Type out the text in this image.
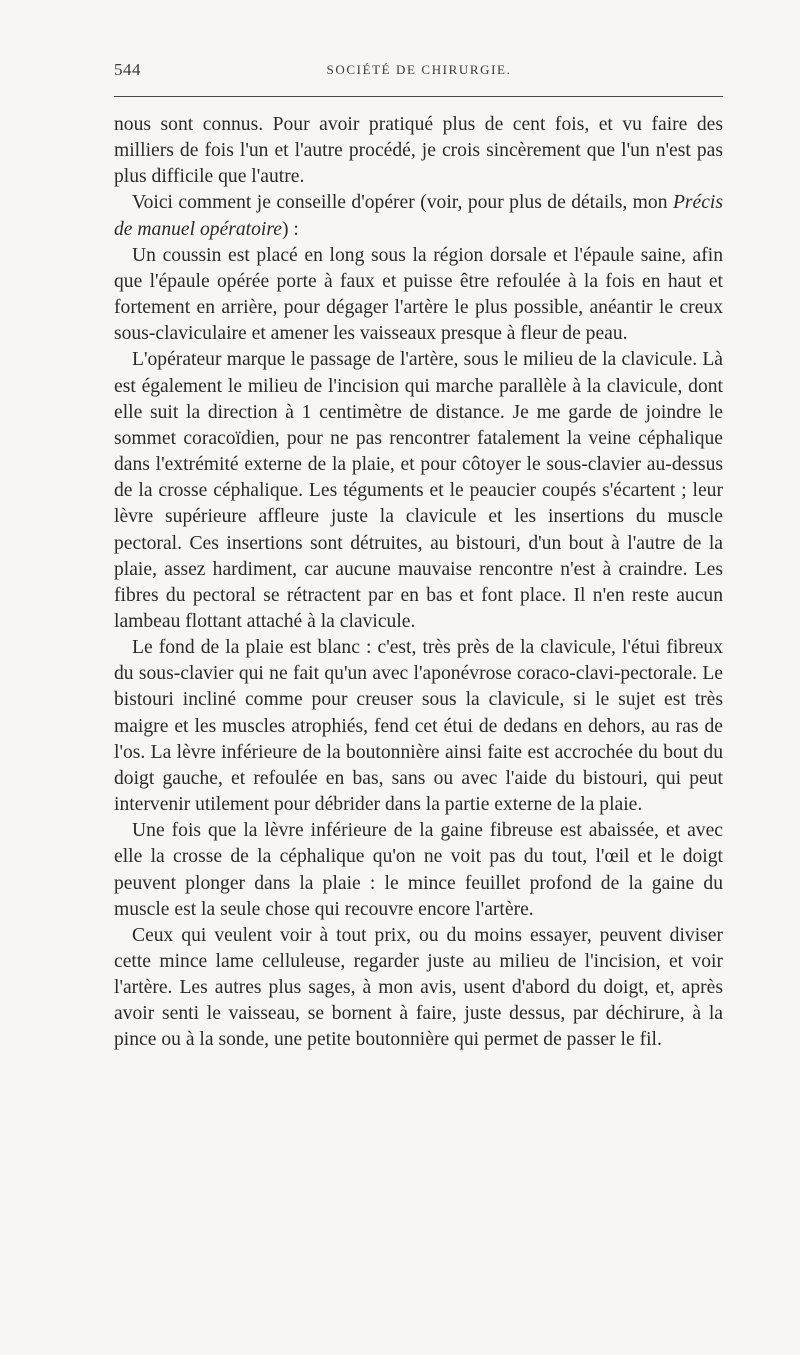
544	SOCIÉTÉ DE CHIRURGIE.

nous sont connus. Pour avoir pratiqué plus de cent fois, et vu faire des milliers de fois l'un et l'autre procédé, je crois sincèrement que l'un n'est pas plus difficile que l'autre.

Voici comment je conseille d'opérer (voir, pour plus de détails, mon Précis de manuel opératoire) :

Un coussin est placé en long sous la région dorsale et l'épaule saine, afin que l'épaule opérée porte à faux et puisse être refoulée à la fois en haut et fortement en arrière, pour dégager l'artère le plus possible, anéantir le creux sous-claviculaire et amener les vaisseaux presque à fleur de peau.

L'opérateur marque le passage de l'artère, sous le milieu de la clavicule. Là est également le milieu de l'incision qui marche parallèle à la clavicule, dont elle suit la direction à 1 centimètre de distance. Je me garde de joindre le sommet coracoïdien, pour ne pas rencontrer fatalement la veine céphalique dans l'extrémité externe de la plaie, et pour côtoyer le sous-clavier au-dessus de la crosse céphalique. Les téguments et le peaucier coupés s'écartent ; leur lèvre supérieure affleure juste la clavicule et les insertions du muscle pectoral. Ces insertions sont détruites, au bistouri, d'un bout à l'autre de la plaie, assez hardiment, car aucune mauvaise rencontre n'est à craindre. Les fibres du pectoral se rétractent par en bas et font place. Il n'en reste aucun lambeau flottant attaché à la clavicule.

Le fond de la plaie est blanc : c'est, très près de la clavicule, l'étui fibreux du sous-clavier qui ne fait qu'un avec l'aponévrose coraco-clavi-pectorale. Le bistouri incliné comme pour creuser sous la clavicule, si le sujet est très maigre et les muscles atrophiés, fend cet étui de dedans en dehors, au ras de l'os. La lèvre inférieure de la boutonnière ainsi faite est accrochée du bout du doigt gauche, et refoulée en bas, sans ou avec l'aide du bistouri, qui peut intervenir utilement pour débrider dans la partie externe de la plaie.

Une fois que la lèvre inférieure de la gaine fibreuse est abaissée, et avec elle la crosse de la céphalique qu'on ne voit pas du tout, l'œil et le doigt peuvent plonger dans la plaie : le mince feuillet profond de la gaine du muscle est la seule chose qui recouvre encore l'artère.

Ceux qui veulent voir à tout prix, ou du moins essayer, peuvent diviser cette mince lame celluleuse, regarder juste au milieu de l'incision, et voir l'artère. Les autres plus sages, à mon avis, usent d'abord du doigt, et, après avoir senti le vaisseau, se bornent à faire, juste dessus, par déchirure, à la pince ou à la sonde, une petite boutonnière qui permet de passer le fil.
